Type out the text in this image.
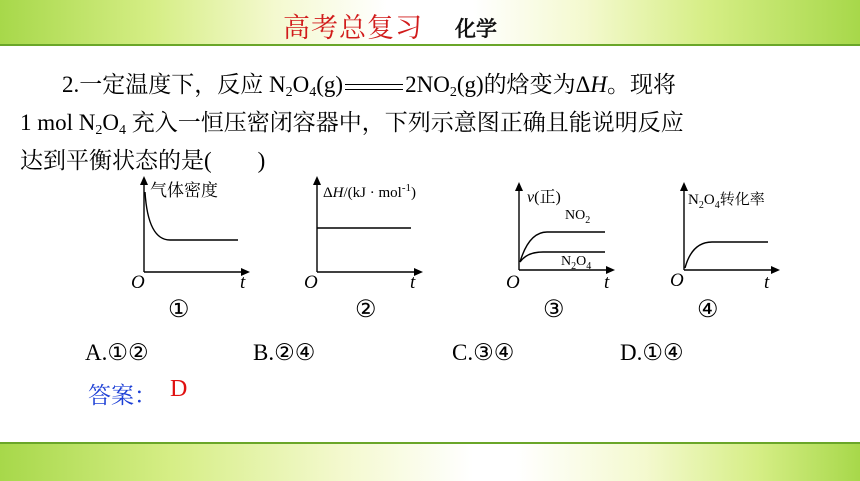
高考总复习 化学
2.一定温度下，反应 $N_2O_4(g)$	$2NO_2(g)$的焓变为ΔH。现将
1 mol $N_2O_4$ 充入一恒压密闭容器中，下列示意图正确且能说明反应
达到平衡状态的是(　　)
气体密度
O	t
①
ΔH/(kJ · mol$^{-1}$)
O	t
②
v(正)
$NO_2$
$N_2O_4$
O	t
③
$N_2O_4$转化率
O	t
④
A.①②	B.②④	C.③④	D.①④
答案： D
